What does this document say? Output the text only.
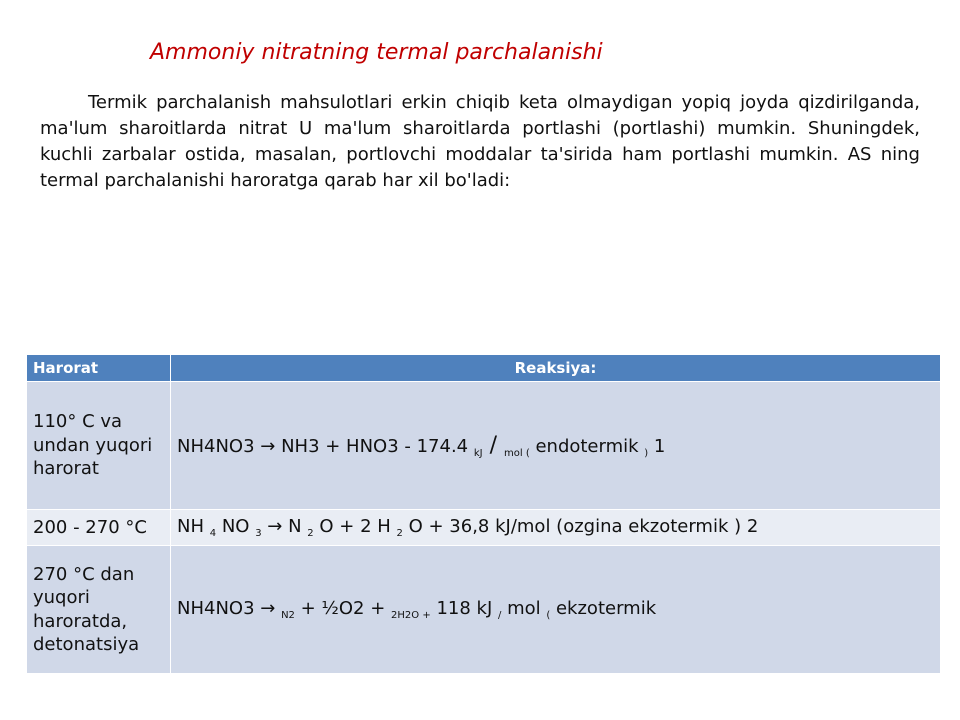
Ammoniy nitratning termal parchalanishi
Termik parchalanish mahsulotlari erkin chiqib keta olmaydigan yopiq joyda qizdirilganda, ma'lum sharoitlarda nitrat U ma'lum sharoitlarda portlashi (portlashi) mumkin. Shuningdek, kuchli zarbalar ostida, masalan, portlovchi moddalar ta'sirida ham portlashi mumkin. AS ning termal parchalanishi haroratga qarab har xil bo'ladi:
Harorat	Reaksiya:
110° C va undan yuqori harorat	NH4NO3 → NH3 + HNO3 - 174.4 $_{kJ}$ / $_{mol (}$ endotermik $_)$ 1
200 - 270 °C	NH $_4$ NO $_3$ → N $_2$ O + 2 H $_2$ O + 36,8 kJ/mol (ozgina ekzotermik ) 2
270 °C dan yuqori haroratda, detonatsiya	NH4NO3 → $_{N2}$ + ½O2 + $_{2H2O +}$ 118 kJ $_/$ mol $_($ ekzotermik
